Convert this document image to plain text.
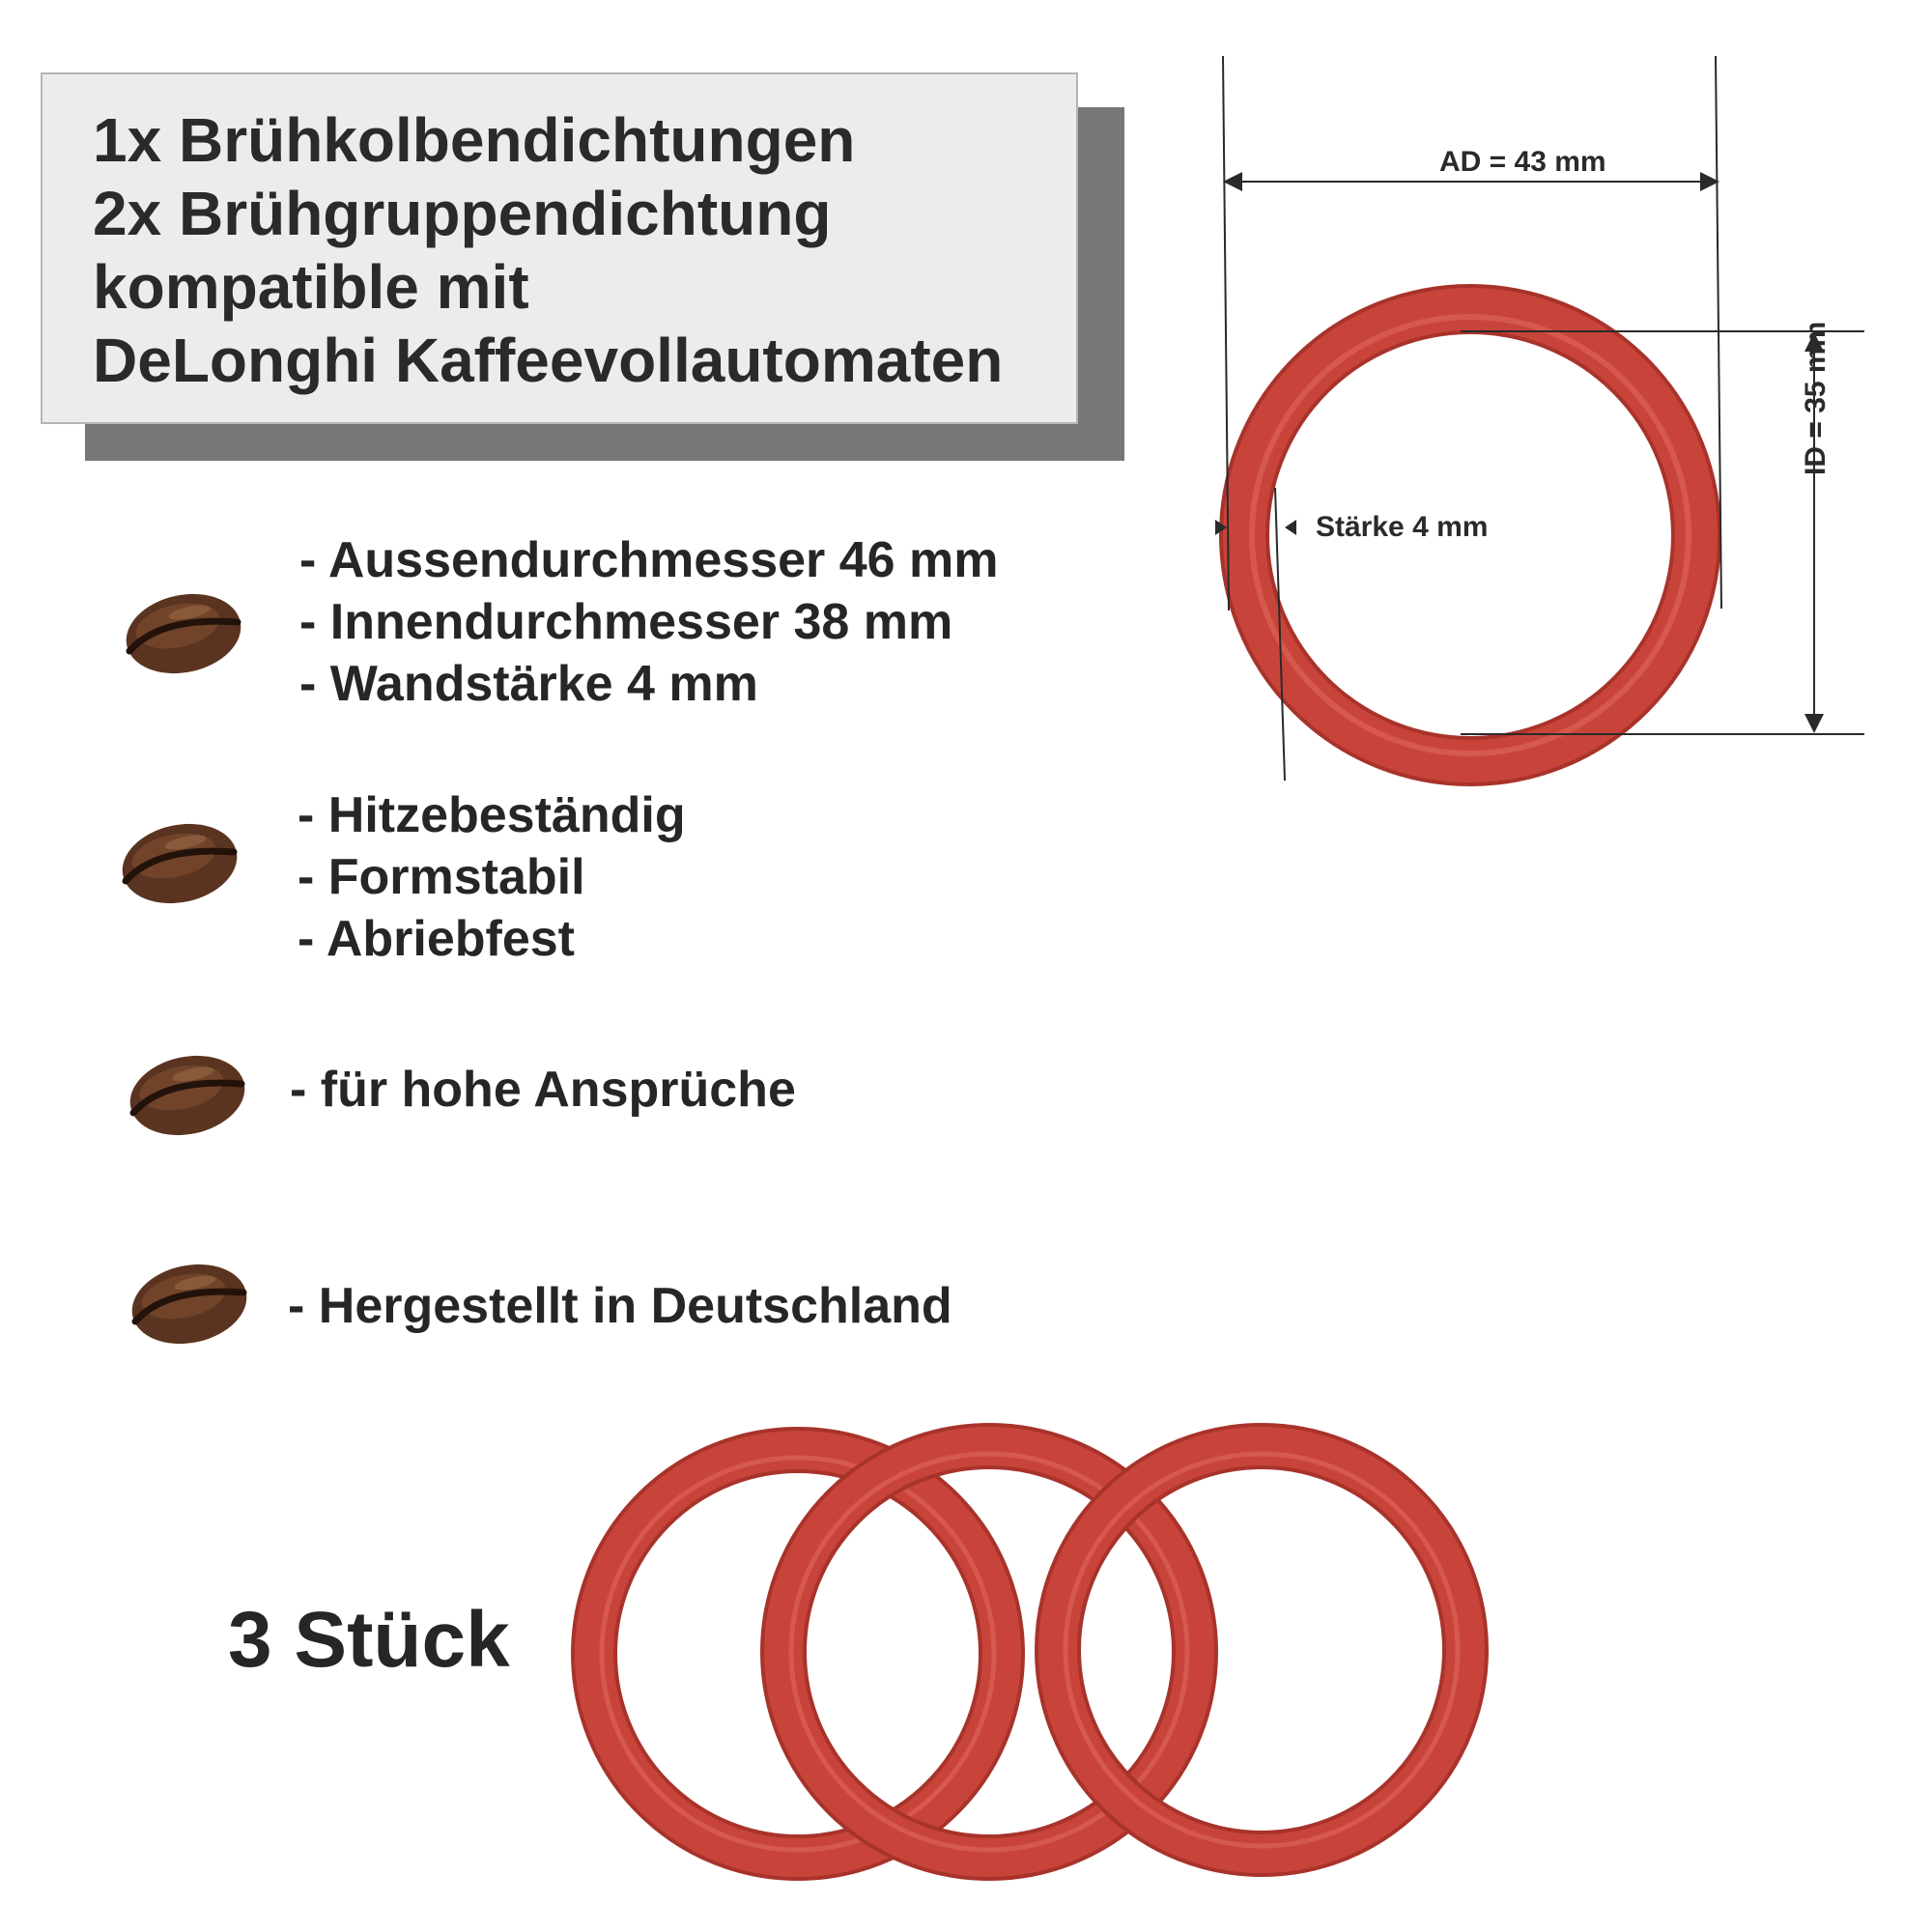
1x Brühkolbendichtungen
2x Brühgruppendichtung
kompatible mit
DeLonghi Kaffeevollautomaten
- Aussendurchmesser 46 mm
- Innendurchmesser 38 mm
- Wandstärke 4 mm
- Hitzebeständig
- Formstabil
- Abriebfest
- für hohe Ansprüche
- Hergestellt in Deutschland
3 Stück
AD = 43 mm
Stärke 4 mm
ID = 35 mm
